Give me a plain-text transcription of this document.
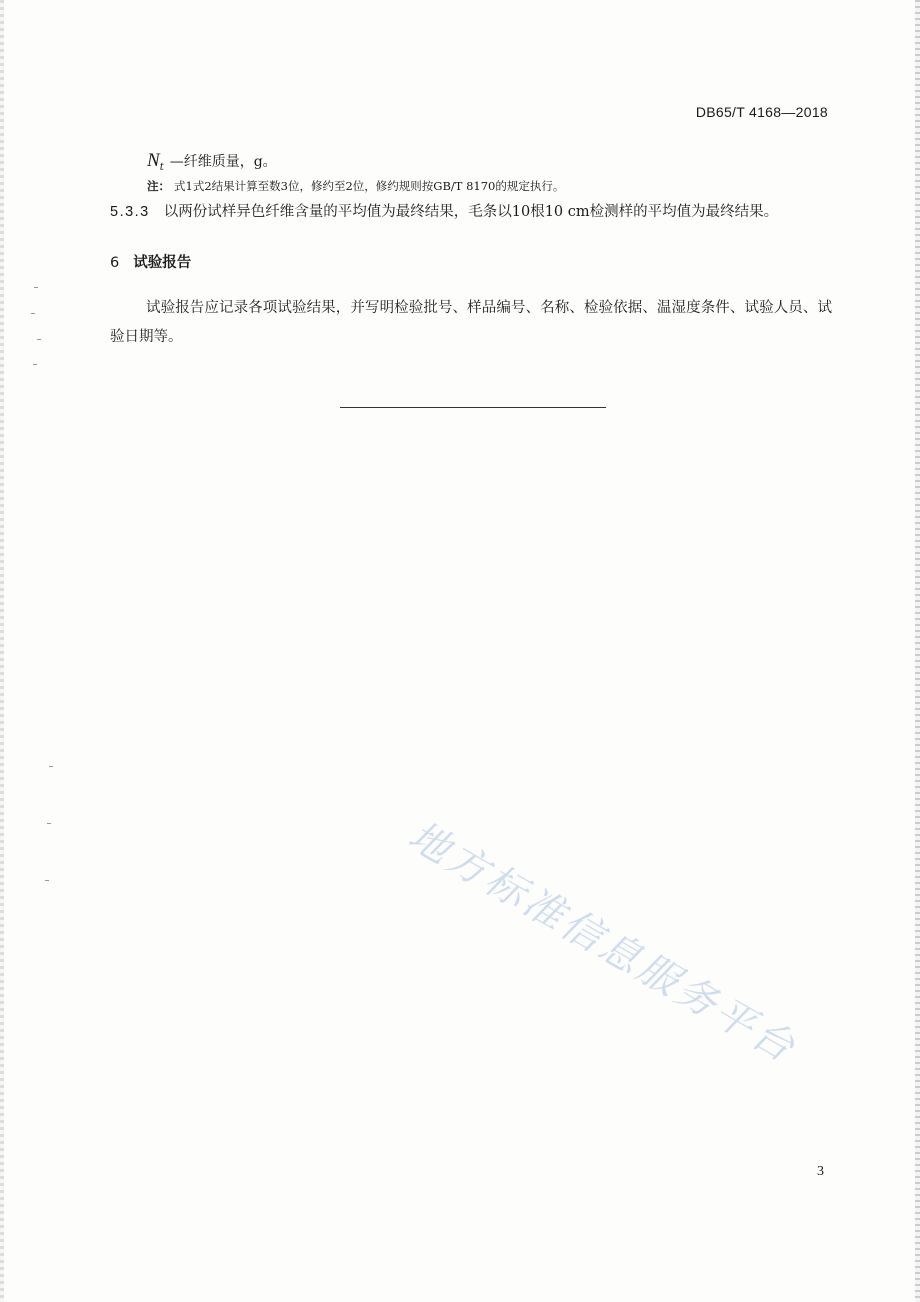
DB65/T 4168—2018
$N_t$ —纤维质量，g。
注： 式1式2结果计算至数3位，修约至2位，修约规则按GB/T 8170的规定执行。
5.3.3 以两份试样异色纤维含量的平均值为最终结果，毛条以10根10 cm检测样的平均值为最终结果。
6 试验报告
试验报告应记录各项试验结果，并写明检验批号、样品编号、名称、检验依据、温湿度条件、试验人员、试验日期等。
地方标准信息服务平台
3
